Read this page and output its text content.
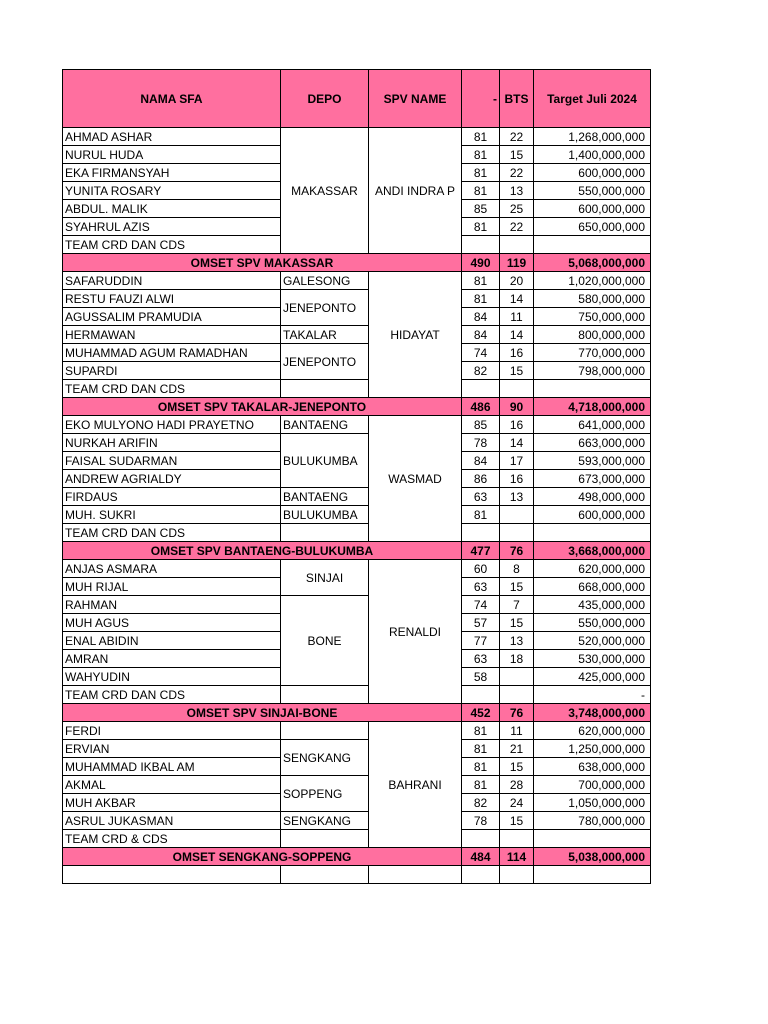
NAMA SFA	DEPO	SPV NAME	-	BTS	Target Juli 2024
AHMAD ASHAR	MAKASSAR	ANDI INDRA P	81	22	1,268,000,000
NURUL HUDA			81	15	1,400,000,000
EKA FIRMANSYAH			81	22	600,000,000
YUNITA ROSARY			81	13	550,000,000
ABDUL. MALIK			85	25	600,000,000
SYAHRUL AZIS			81	22	650,000,000
TEAM CRD DAN CDS					
OMSET SPV MAKASSAR			490	119	5,068,000,000
SAFARUDDIN	GALESONG	HIDAYAT	81	20	1,020,000,000
RESTU FAUZI ALWI	JENEPONTO		81	14	580,000,000
AGUSSALIM PRAMUDIA			84	11	750,000,000
HERMAWAN	TAKALAR		84	14	800,000,000
MUHAMMAD AGUM RAMADHAN	JENEPONTO		74	16	770,000,000
SUPARDI			82	15	798,000,000
TEAM CRD DAN CDS					
OMSET SPV TAKALAR-JENEPONTO			486	90	4,718,000,000
EKO MULYONO HADI PRAYETNO	BANTAENG	WASMAD	85	16	641,000,000
NURKAH ARIFIN	BULUKUMBA		78	14	663,000,000
FAISAL SUDARMAN			84	17	593,000,000
ANDREW AGRIALDY			86	16	673,000,000
FIRDAUS	BANTAENG		63	13	498,000,000
MUH. SUKRI	BULUKUMBA		81		600,000,000
TEAM CRD DAN CDS					
OMSET SPV BANTAENG-BULUKUMBA			477	76	3,668,000,000
ANJAS ASMARA	SINJAI	RENALDI	60	8	620,000,000
MUH RIJAL			63	15	668,000,000
RAHMAN	BONE		74	7	435,000,000
MUH AGUS			57	15	550,000,000
ENAL ABIDIN			77	13	520,000,000
AMRAN			63	18	530,000,000
WAHYUDIN			58		425,000,000
TEAM CRD DAN CDS					-
OMSET SPV SINJAI-BONE			452	76	3,748,000,000
FERDI		BAHRANI	81	11	620,000,000
ERVIAN	SENGKANG		81	21	1,250,000,000
MUHAMMAD IKBAL AM			81	15	638,000,000
AKMAL	SOPPENG		81	28	700,000,000
MUH AKBAR			82	24	1,050,000,000
ASRUL JUKASMAN	SENGKANG		78	15	780,000,000
TEAM CRD & CDS					
OMSET SENGKANG-SOPPENG			484	114	5,038,000,000
